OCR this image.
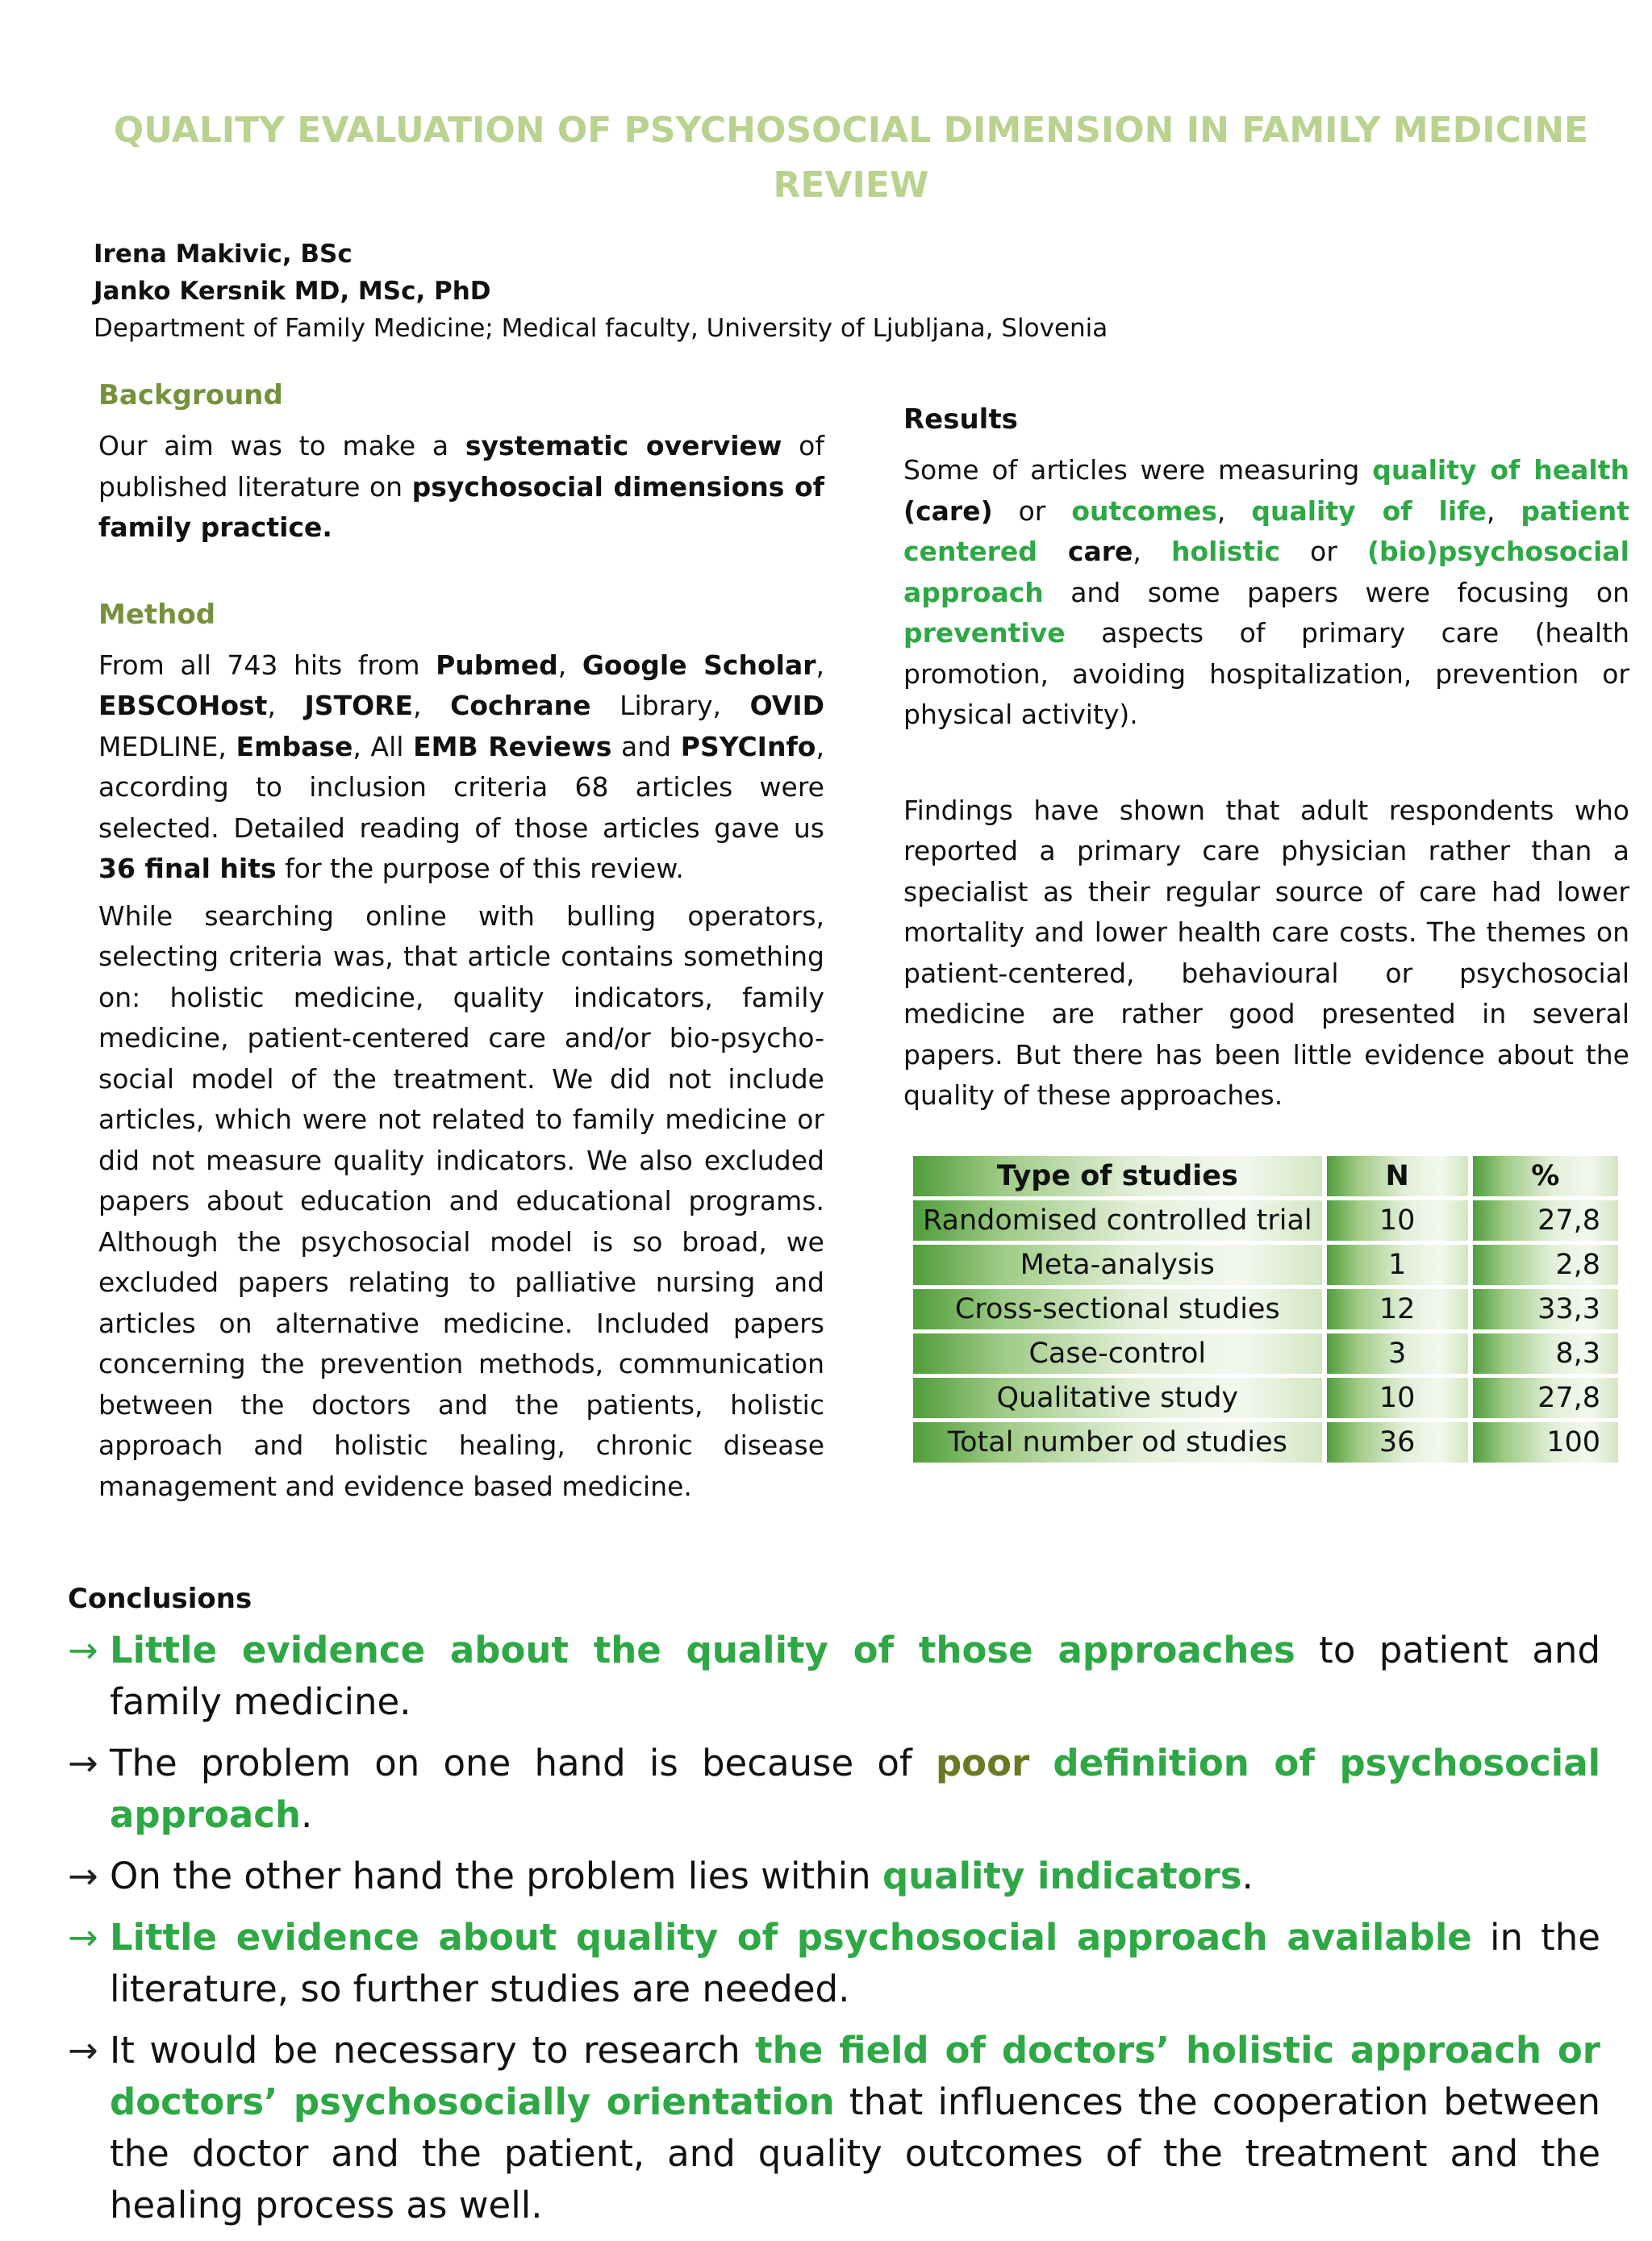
QUALITY EVALUATION OF PSYCHOSOCIAL DIMENSION IN FAMILY MEDICINE
REVIEW
Irena Makivic, BSc
Janko Kersnik MD, MSc, PhD
Department of Family Medicine; Medical faculty, University of Ljubljana, Slovenia
Background

Our aim was to make a systematic overview of published literature on psychosocial dimensions of family practice.

Method

From all 743 hits from Pubmed, Google Scholar, EBSCOHost, JSTORE, Cochrane Library, OVID MEDLINE, Embase, All EMB Reviews and PSYCInfo, according to inclusion criteria 68 articles were selected. Detailed reading of those articles gave us 36 final hits for the purpose of this review.

While searching online with bulling operators, selecting criteria was, that article contains something on: holistic medicine, quality indicators, family medicine, patient-centered care and/or bio-psycho-social model of the treatment. We did not include articles, which were not related to family medicine or did not measure quality indicators. We also excluded papers about education and educational programs. Although the psychosocial model is so broad, we excluded papers relating to palliative nursing and articles on alternative medicine. Included papers concerning the prevention methods, communication between the doctors and the patients, holistic approach and holistic healing, chronic disease management and evidence based medicine.

Results

Some of articles were measuring quality of health (care) or outcomes, quality of life, patient centered care, holistic or (bio)psychosocial approach and some papers were focusing on preventive aspects of primary care (health promotion, avoiding hospitalization, prevention or physical activity).

Findings have shown that adult respondents who reported a primary care physician rather than a specialist as their regular source of care had lower mortality and lower health care costs. The themes on patient-centered, behavioural or psychosocial medicine are rather good presented in several papers. But there has been little evidence about the quality of these approaches.

Type of studies	N	%
Randomised controlled trial	10	27,8
Meta-analysis	1	2,8
Cross-sectional studies	12	33,3
Case-control	3	8,3
Qualitative study	10	27,8
Total number od studies	36	100
Conclusions
→ Little evidence about the quality of those approaches to patient and family medicine.
→ The problem on one hand is because of poor definition of psychosocial approach.
→ On the other hand the problem lies within quality indicators.
→ Little evidence about quality of psychosocial approach available in the literature, so further studies are needed.
→ It would be necessary to research the field of doctors’ holistic approach or doctors’ psychosocially orientation that influences the cooperation between the doctor and the patient, and quality outcomes of the treatment and the healing process as well.
